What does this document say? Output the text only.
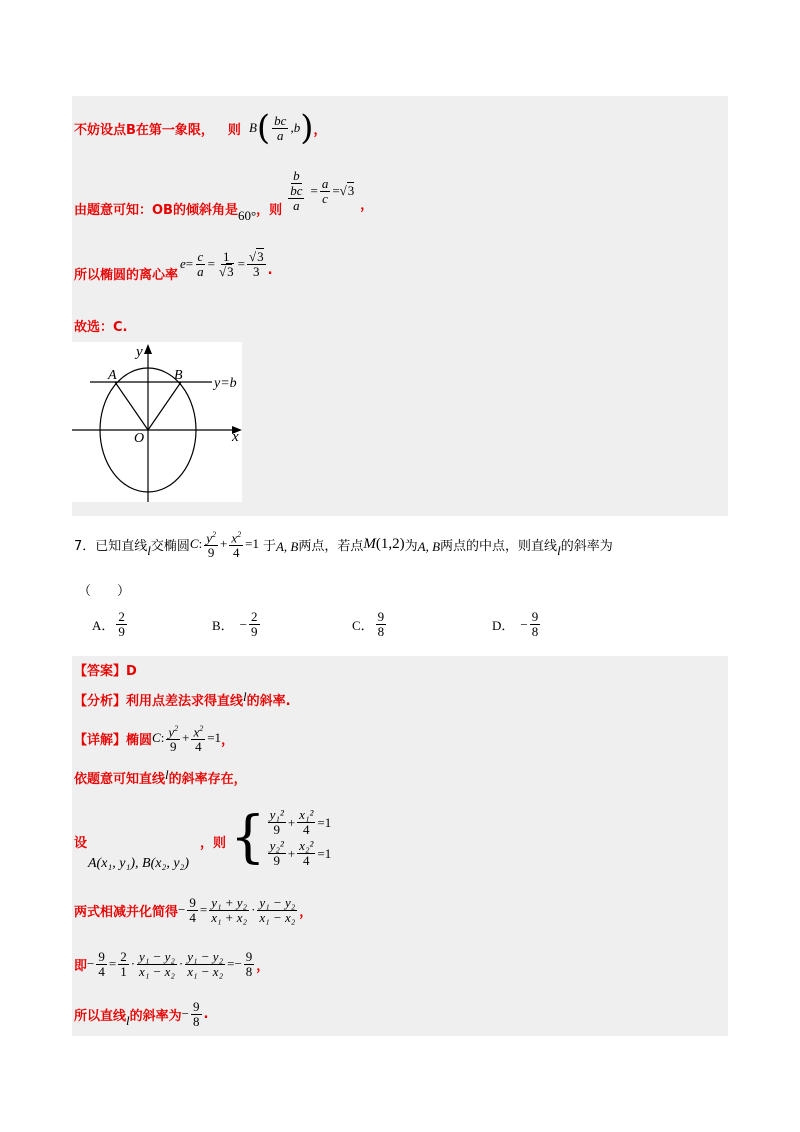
不妨设点B在第一象限， 则 B ( $\frac{bc}{a} ,b$ ) ，
由题意可知：OB的倾斜角是 60° ，则 $\frac{b}{\frac{bc}{a}} = \frac{a}{c} = √3$
，
所以椭圆的离心率
$e = \frac{c}{a} = \frac{1}{√3} = \frac{√3}{3}$ .
故选：C.
y
x
A	B
O
y=b
7．已知直线 l 交椭圆 C : $\frac{y^2}{9} + \frac{x^2}{4} =1$ 于 A, B 两点，若点 M (1,2) 为 A, B 两点的中点，则直线 l 的斜率为
（　　）
A． $\frac{2}{9}$	B． − $\frac{2}{9}$	C． $\frac{9}{8}$	D． − $\frac{9}{8}$
【答案】D
【分析】利用点差法求得直线 l 的斜率.
【详解】椭圆 C : $\frac{y^2}{9} + \frac{x^2}{4} =1$ ，
依题意可知直线 l 的斜率存在，
设
A(x₁, y₁), B(x₂, y₂)
，则 { $\frac{\text{y₁²}}{9} + \frac{\text{x₁²}}{4} =1$
$\frac{\text{y₂²}}{9} + \frac{\text{x₂²}}{4} =1$
两式相减并化简得 − $\frac{9}{4} = \frac{\text{y₁ + y₂}}{\text{x₁ + x₂}} \cdot \frac{\text{y₁ − y₂}}{\text{x₁ − x₂}}$ ，
即 − $\frac{9}{4} = \frac{2}{1} \cdot \frac{\text{y₁ − y₂}}{\text{x₁ − x₂}} \cdot \frac{\text{y₁ − y₂}}{\text{x₁ − x₂}}$ = − $\frac{9}{8}$ ，
所以直线 l 的斜率为 − $\frac{9}{8}$ .
